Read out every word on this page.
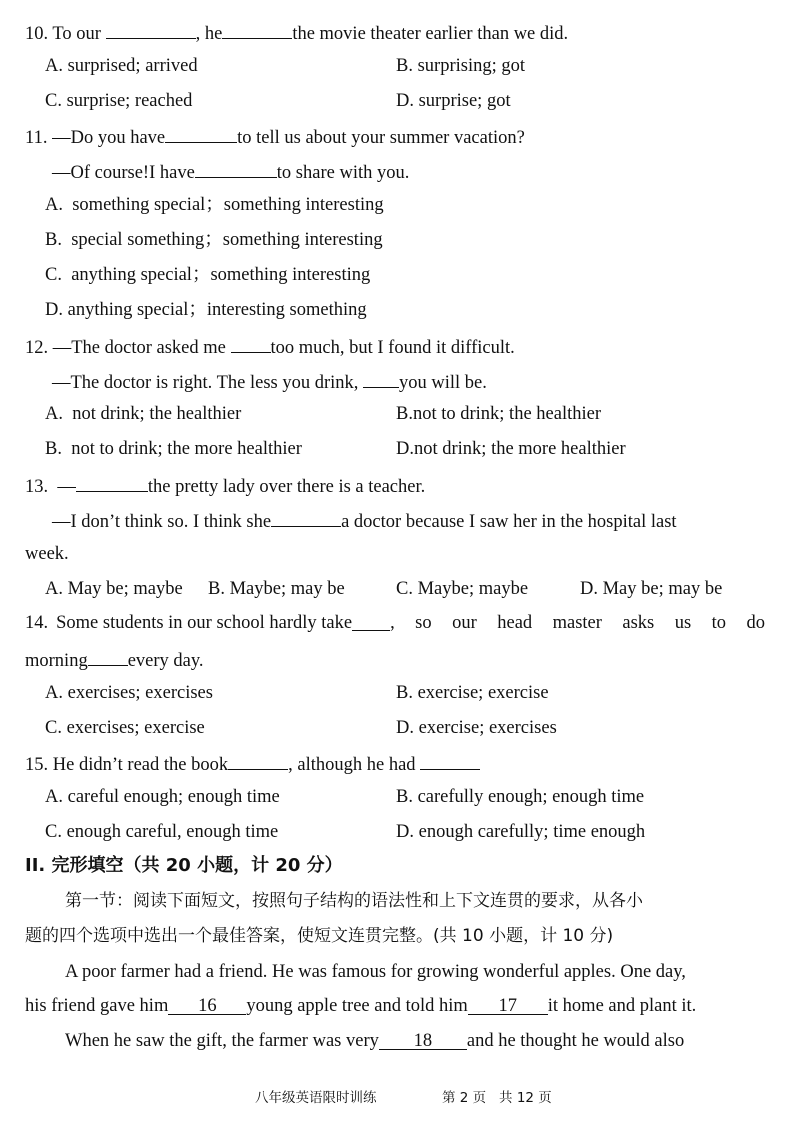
10. To our	, he	the movie theater earlier than we did.
A. surprised; arrived	B. surprising; got
C. surprise; reached	D. surprise; got
11. —Do you have	to tell us about your summer vacation?
—Of course!I have	to share with you.
A.  something special；something interesting
B.  special something；something interesting
C.  anything special；something interesting
D. anything special；interesting something
12. —The doctor asked me too much, but I found it difficult.
—The doctor is right. The less you drink, you will be.
A.  not drink; the healthier	B.not to drink; the healthier
B.  not to drink; the more healthier	D.not drink; the more healthier
13. —	the pretty lady over there is a teacher.
—I don’t think so. I think she	a doctor because I saw her in the hospital last
week.
A. May be; maybe B. Maybe; may be	C. Maybe; maybe	D. May be; may be
14. Some students in our school hardly take , so our head master asks us to do
morning every day.
A. exercises; exercises	B. exercise; exercise
C. exercises; exercise	D. exercise; exercises
15. He didn’t read the book	, although he had
A. careful enough; enough time	B. carefully enough; enough time
C. enough careful, enough time	D. enough carefully; time enough
II. 完形填空（共 20 小题，计 20 分）
第一节：阅读下面短文，按照句子结构的语法性和上下文连贯的要求，从各小
题的四个选项中选出一个最佳答案，使短文连贯完整。(共 10 小题，计 10 分)
A poor farmer had a friend. He was famous for growing wonderful apples. One day,
his friend gave him 16 young apple tree and told him 17 it home and plant it.
When he saw the gift, the farmer was very 18 and he thought he would also
八年级英语限时训练	第 2 页   共 12 页
